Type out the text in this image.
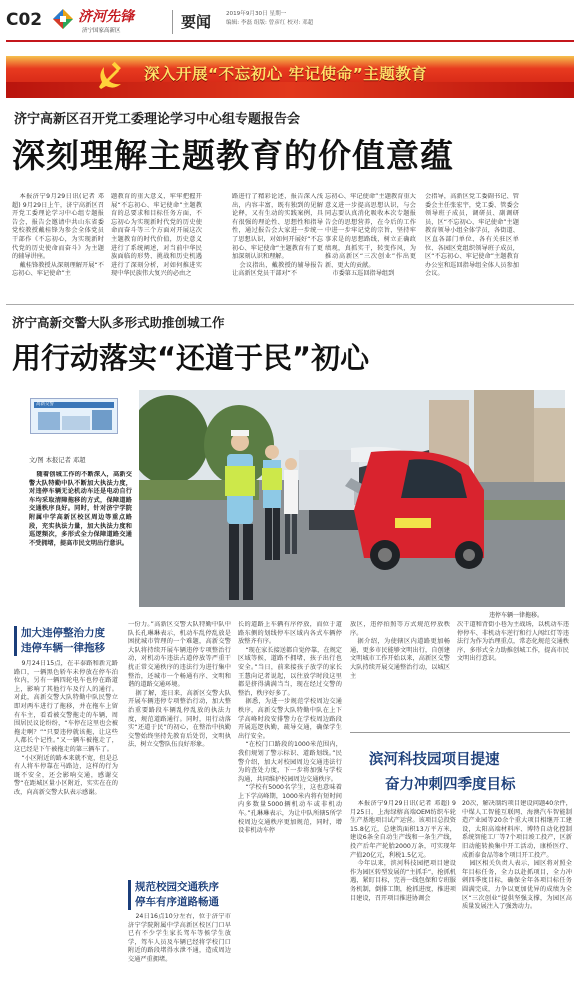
C02	济河先锋
济宁国家高新区	要闻	2019年9月30日 星期一
编辑: 李磊 组版: 曾彦红 校对: 邓超
深入开展“不忘初心 牢记使命”主题教育
济宁高新区召开党工委理论学习中心组专题报告会
深刻理解主题教育的价值意蕴

本报济宁9月29日讯(记者 邓超) 9月29日上午，济宁高新区召开党工委理论学习中心组专题报告会，报告会邀请中共山东省委党校教授戴桂锋为参会全体党员干部作《不忘初心，为实现新时代党的历史使命而奋斗》为主题的辅导讲座。

戴桂锋教授从深刻理解开展“不忘初心、牢记使命”主

题教育的重大意义，牢牢把握开展“不忘初心、牢记使命”主题教育的总要求和目标任务方面，不忘初心为实现新时代党的历史使命而奋斗等三个方面对开展这次主题教育的时代价值，历史意义进行了系统阐述，对当前中华民族面临的形势、挑战和历史机遇进行了深刻分析，对如何推进实现中华民族伟大复兴的必由之

路进行了精彩论述，报告深入浅出，内容丰富，既有独到的见解论释，又有生动的实践案例，具有很强的理论性、思想性和指导性，通过报告会大家进一步统一了思想认识，对如何开展好“不忘初心、牢记使命”主题教育有了更加深刻认识和理解。

会议指出，戴教授的辅导报告让高新区党员干部对“不

忘初心、牢记使命”主题教育重大意义进一步提高思想认识，与会同志要认真消化吸收本次专题报告会的思想营养，在今后的工作中进一步牢记党的宗旨，坚持牢事求是的思想路线，树立正确政绩观，真抓实干，转变作风，为推动高新区“三次创业”作出更新、更大的贡献。

市委第五巡回指导组到

会指导，高新区党工委副书记、管委会主任张宏宇，党工委、管委会领导班子成员，调研员、副调研员，区“不忘初心、牢记使命”主题教育领导小组全体学员，各街道、区直各部门单位、各有关驻区单位、各园区党组织领导班子成员，区“不忘初心、牢记使命”主题教育办公室和巡回指导组全体人员参加会议。

济宁高新交警大队多形式助推创城工作
用行动落实“还道于民”初心
高新交警
文/图 本报记者 邓超

随着创城工作的不断深入，高新交警大队特勤中队不断加大执法力度，对违停车辆无论机动车还是电动自行车均采取清障拖移的方式，保障道路交通秩序良好。同时，针对济宁学院附属中学高新区校区周边等重点路段，充实执法力量，加大执法力度和巡逻频次，多形式全力保障道路交通不受拥堵，提高市民文明出行意识。

违停车辆一律拖移。
加大违停整治力度
违停车辆一律拖移

9月24日15点，在丰泰路和新元路路口，一辆黑色轿车未停放在停车泊位内，另有一辆四轮电车也停在路道上，影响了其他行车及行人的通行。对此，高新交警大队特勤中队民警立即对两车进行了拖移，并在拖车上留有车主，看看被交警拖走的车辆，周围居民议论纷纷，“车停在这里也会被拖走啊？”“只要违停就该拖，让这些人都长个记性。”又一辆车被拖走了，这已经是下午被拖走的第三辆车了。

“小区附近的路本来就不宽，但是总有人将车停靠在马路边，这样的行为既不安全，还会影响交通，感谢交警“在距城区量小区附近，实实在在的改，向高新交警大队表示感谢。

一份力。”高新区交警大队特勤中队中队长孔琳琳表示，机动车乱停乱放是困扰城市管理的一个难题，高新交警大队将持续开展车辆违停专项整治行动，对机动车违法占道停放等严重干扰正常交通秩序的违法行为进行集中整治，还城市一个畅通有序、文明和谐的道路交通环境。

据了解，连日来，高新区交警大队开展车辆违停专项整治行动，加大整治重要路段车辆乱停乱放的执法力度，规范道路通行。同时，用行动落实“还道于民”的初心，在整治中执勤交警始终坚持先教育后处罚，文明执法，树立交警队伍良好形象。

规范校园交通秩序
停车有序道路畅通

24日16点10分左右，位于济宁市济宁学院附属中学高新区校区门口早已有不少学生家长驾车等候学生放学，驾车人员及车辆已经将学校门口附近的路段堵得水泄不通，造成周边交通严重拥堵。

长的道路上车辆有序停放，而位于道路东侧的划线停车区域内各式车辆停放整齐有序。

“现在家长接送都自觉停靠，在规定区域等候，道路不拥堵，孩子出行也安全。”当日，前来接孩子放学的家长王慧向记者说起，以往放学时段这里都是挤得满满当当，现在经过交警的整治，秩序好多了。

据悉，为进一步规范学校周边交通秩序，高新交警大队特勤中队在上下学高峰时段安排警力在学校周边路段开展巡逻执勤，疏导交通，确保学生出行安全。

“在校门口路段的1000米范围内，我们规划了警示标识、道路划线。”民警介绍，加大对校园周边交通违法行为的查处力度，下一步将加强与学校沟通，共同维护校园周边交通秩序。

“学校有5000名学生，这也意味着上下学高峰期，1000米内将有短时间内多数量5000辆机动车或非机动车。”孔琳琳表示，为让中队所辖5所学校周边交通秩序更加规范，同时，增设非机动车停

放区，违停拍照等方式规范停放秩序。

据介绍，为使辖区内道路更加畅通，更多市民能够文明出行，自创建文明城市工作开始以来，高新区交警大队持续开展交通整治行动，以城区主

次干道和背街小巷为主战场，以机动车违停停车、非机动车逆行和行人闯红灯等违法行为作为治理重点，常态化规范交通秩序，多形式全力助推创城工作，提高市民文明出行意识。

滨河科技园项目提速
奋力冲刺四季度目标

本报济宁9月29日讯(记者 邓超) 9月25日，上海绿榕高端OEM纺织车轮生产基地项目试产运营。该项目总投资15.8亿元，总建筑面积13万平方米，建设6条全自动生产线和一条生产线，投产后年产轮胎2000万条，可实现年产值20亿元，利税1.5亿元。

今年以来，滨河科技园把项目建设作为园区转型发展的“主抓手”，抢抓机遇，紧盯目标，完善一线包保和专班服务机制，倒排工期，抢抓进度，推进项目建设，召开项目推进协调会

20次，解决制约项目建设问题40余件，中煤人工智能互联网、海澳汽车智能制造产业园等20余个重大项目相继开工建设，太阳高端材料库、博特自动化控制系统智能工厂等7个项目竣工投产，区新旧动能转换集中开工活动，康桥医疗、成新泰食品等8个项目开工投产。

园区相关负责人表示，园区将对照全年目标任务，全力以赴抓项目，全力冲刺四季度目标，确保全年各项目标任务圆满完成，力争以更加优异的成绩为全区“三次创业”提供坚强支撑，为园区高质量发展注入了强劲动力。
